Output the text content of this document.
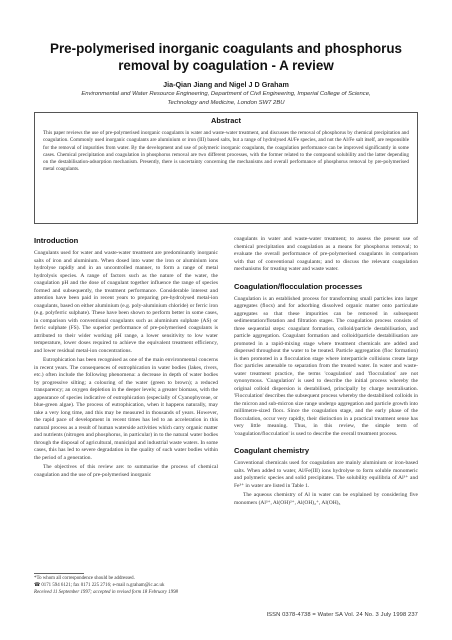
Pre-polymerised inorganic coagulants and phosphorus
removal by coagulation - A review
Jia-Qian Jiang and Nigel J D Graham
Environmental and Water Resource Engineering, Department of Civil Engineering, Imperial College of Science,
Technology and Medicine, London SW7 2BU
Abstract
This paper reviews the use of pre-polymerised inorganic coagulants in water and waste-water treatment, and discusses the removal of phosphorus by chemical precipitation and coagulation. Commonly used inorganic coagulants are aluminium or iron (III) based salts, but a range of hydrolysed Al/Fe species, and not the Al/Fe salt itself, are responsible for the removal of impurities from water. By the development and use of polymeric inorganic coagulants, the coagulation performance can be improved significantly in some cases. Chemical precipitation and coagulation in phosphorus removal are two different processes, with the former related to the compound solubility and the latter depending on the destabilisation-adsorption mechanism. Presently, there is uncertainty concerning the mechanisms and overall performance of phosphorus removal by pre-polymerised metal coagulants.
Introduction

Coagulants used for water and waste-water treatment are predominantly inorganic salts of iron and aluminium. When dosed into water the iron or aluminium ions hydrolyse rapidly and in an uncontrolled manner, to form a range of metal hydrolysis species. A range of factors such as the nature of the water, the coagulation pH and the dose of coagulant together influence the range of species formed and subsequently, the treatment performance. Considerable interest and attention have been paid in recent years to preparing pre-hydrolysed metal-ion coagulants, based on either aluminium (e.g. poly-aluminium chloride) or ferric iron (e.g. polyferric sulphate). These have been shown to perform better in some cases, in comparison with conventional coagulants such as aluminium sulphate (AS) or ferric sulphate (FS). The superior performance of pre-polymerised coagulants is attributed to their wider working pH range, a lower sensitivity to low water temperature, lower doses required to achieve the equivalent treatment efficiency, and lower residual metal-ion concentrations.

Eutrophication has been recognised as one of the main environmental concerns in recent years. The consequences of eutrophication in water bodies (lakes, rivers, etc.) often include the following phenomena: a decrease in depth of water bodies by progressive silting; a colouring of the water (green to brown); a reduced transparency; an oxygen depletion in the deeper levels; a greater biomass, with the appearance of species indicative of eutrophication (especially of Cyanophyceae, or blue-green algae). The process of eutrophication, when it happens naturally, may take a very long time, and this may be measured in thousands of years. However, the rapid pace of development in recent times has led to an acceleration in this natural process as a result of human waterside activities which carry organic matter and nutrients (nitrogen and phosphorus, in particular) in to the natural water bodies through the disposal of agricultural, municipal and industrial waste waters. In some cases, this has led to severe degradation in the quality of such water bodies within the period of a generation.

The objectives of this review are: to summarise the process of chemical coagulation and the use of pre-polymerised inorganic

coagulants in water and waste-water treatment; to assess the present use of chemical precipitation and coagulation as a means for phosphorus removal; to evaluate the overall performance of pre-polymerised coagulants in comparison with that of conventional coagulants; and to discuss the relevant coagulation mechanisms for treating water and waste water.

Coagulation/flocculation processes

Coagulation is an established process for transforming small particles into larger aggregates (flocs) and for adsorbing dissolved organic matter onto particulate aggregates so that these impurities can be removed in subsequent sedimentation/flotation and filtration stages. The coagulation process consists of three sequential steps: coagulant formation, colloid/particle destabilisation, and particle aggregation. Coagulant formation and colloid/particle destabilisation are promoted in a rapid-mixing stage where treatment chemicals are added and dispersed throughout the water to be treated. Particle aggregation (floc formation) is then promoted in a flocculation stage where interparticle collisions create large floc particles amenable to separation from the treated water. In water and waste-water treatment practice, the terms 'coagulation' and 'flocculation' are not synonymous. 'Coagulation' is used to describe the initial process whereby the original colloid dispersion is destabilised, principally by charge neutralisation. 'Flocculation' describes the subsequent process whereby the destabilised colloids in the micron and sub-micron size range undergo aggregation and particle growth into millimetre-sized flocs. Since the coagulation stage, and the early phase of the flocculation, occur very rapidly, their distinction in a practical treatment sense has very little meaning. Thus, in this review, the simple term of 'coagulation/flocculation' is used to describe the overall treatment process.

Coagulant chemistry

Conventional chemicals used for coagulation are mainly aluminium or iron-based salts. When added to water, Al/Fe(III) ions hydrolyse to form soluble monomeric and polymeric species and solid precipitates. The solubility equilibria of Al³⁺ and Fe³⁺ in water are listed in Table 1.

The aqueous chemistry of Al in water can be explained by considering five monomers (Al³⁺, Al(OH)²⁺, Al(OH)₂⁺, Al(OH)₃

*To whom all correspondence should be addressed.
☎ 0171 594 6121; fax 0171 225 2716; e-mail n.graham@ic.ac.uk
Received 11 September 1997; accepted in revised form 18 February 1998
ISSN 0378-4738 = Water SA Vol. 24 No. 3 July 1998 237
